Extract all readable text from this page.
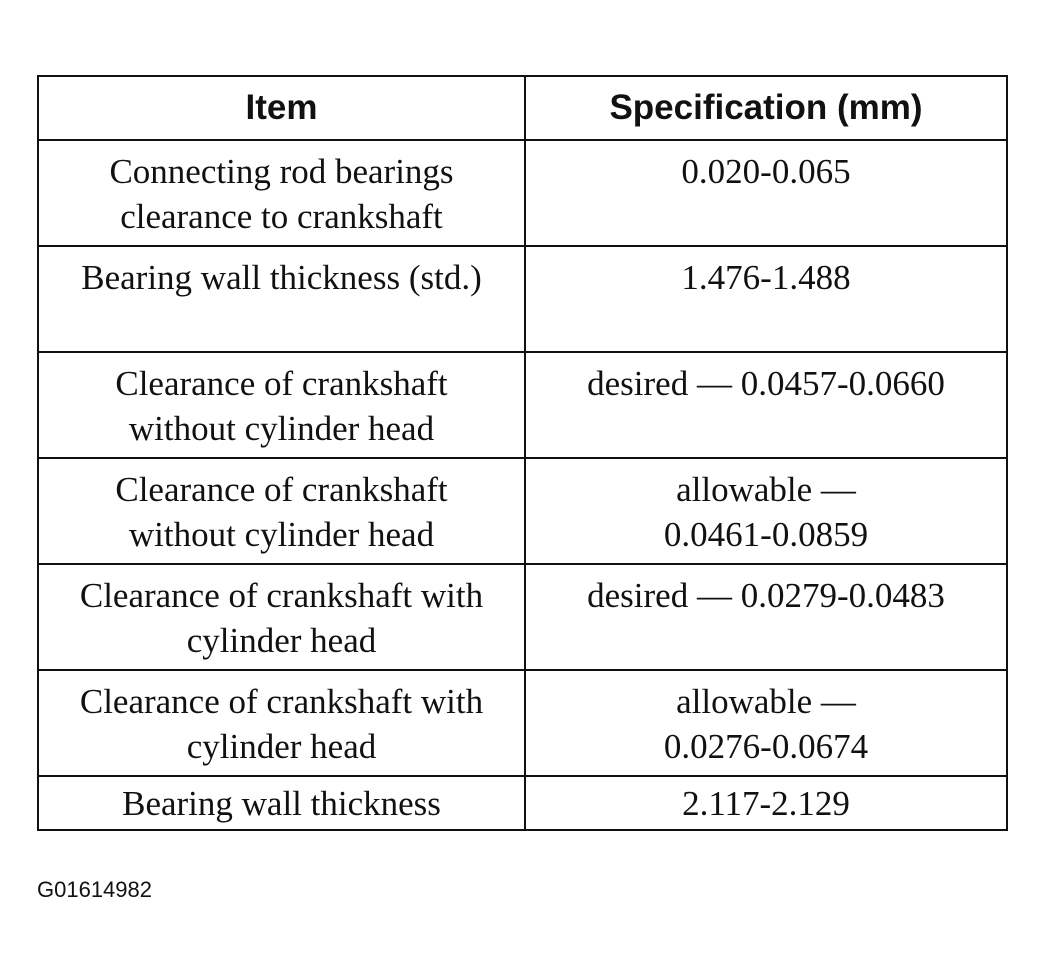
Item	Specification (mm)
Connecting rod bearings clearance to crankshaft	0.020-0.065
Bearing wall thickness (std.)	1.476-1.488
Clearance of crankshaft without cylinder head	desired — 0.0457-0.0660
Clearance of crankshaft without cylinder head	allowable — 0.0461-0.0859
Clearance of crankshaft with cylinder head	desired — 0.0279-0.0483
Clearance of crankshaft with cylinder head	allowable — 0.0276-0.0674
Bearing wall thickness	2.117-2.129
G01614982
